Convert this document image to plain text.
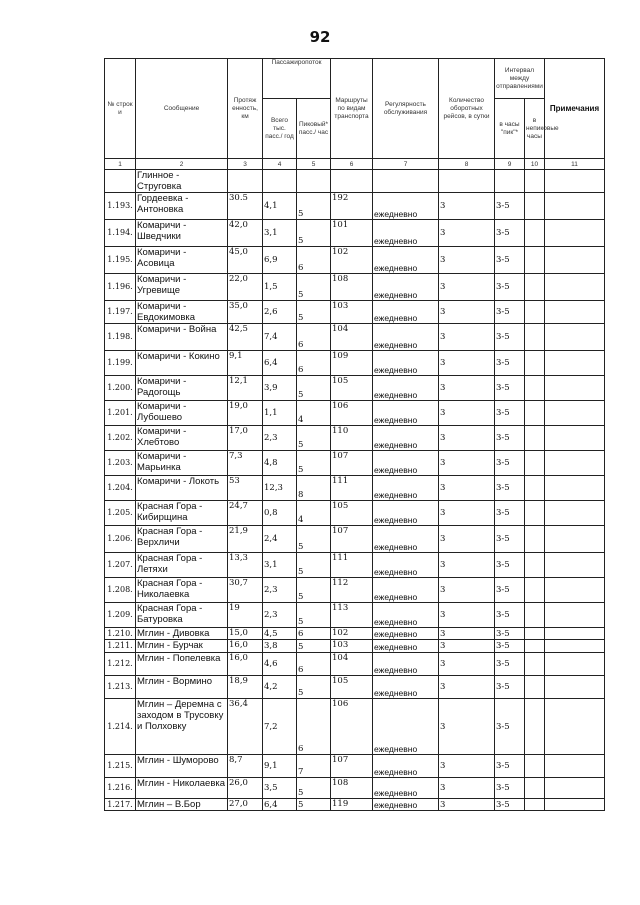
92
№ строк и	Сообщение	Протяж енность, км	Пассажиропоток		Маршруты по видам транспорта	Регулярность обслуживания	Количество оборотных рейсов, в сутки	Интервал между отправлениями		Примечания
			Всего тыс. пасс./ год	Пиковый* пасс./ час				в часы "пик"*	в непиковые часы	
1	2	3	4	5	6	7	8	9	10	11
	Глинное - Струговка									
1.193.	Гордеевка - Антоновка	30.5	4,1	5	192	ежедневно	3	3-5		
1.194.	Комаричи - Шведчики	42,0	3,1	5	101	ежедневно	3	3-5		
1.195.	Комаричи - Асовица	45,0	6,9	6	102	ежедневно	3	3-5		
1.196.	Комаричи - Угревище	22,0	1,5	5	108	ежедневно	3	3-5		
1.197.	Комаричи - Евдокимовка	35,0	2,6	5	103	ежедневно	3	3-5		
1.198.	Комаричи - Война	42,5	7,4	6	104	ежедневно	3	3-5		
1.199.	Комаричи - Кокино	9,1	6,4	6	109	ежедневно	3	3-5		
1.200.	Комаричи - Радогощь	12,1	3,9	5	105	ежедневно	3	3-5		
1.201.	Комаричи - Лубошево	19,0	1,1	4	106	ежедневно	3	3-5		
1.202.	Комаричи - Хлебтово	17,0	2,3	5	110	ежедневно	3	3-5		
1.203.	Комаричи - Марьинка	7,3	4,8	5	107	ежедневно	3	3-5		
1.204.	Комаричи - Локоть	53	12,3	8	111	ежедневно	3	3-5		
1.205.	Красная Гора - Кибирщина	24,7	0,8	4	105	ежедневно	3	3-5		
1.206.	Красная Гора - Верхличи	21,9	2,4	5	107	ежедневно	3	3-5		
1.207.	Красная Гора - Летяхи	13,3	3,1	5	111	ежедневно	3	3-5		
1.208.	Красная Гора - Николаевка	30,7	2,3	5	112	ежедневно	3	3-5		
1.209.	Красная Гора - Батуровка	19	2,3	5	113	ежедневно	3	3-5		
1.210.	Мглин - Дивовка	15,0	4,5	6	102	ежедневно	3	3-5		
1.211.	Мглин - Бурчак	16,0	3,8	5	103	ежедневно	3	3-5		
1.212.	Мглин - Попелевка	16,0	4,6	6	104	ежедневно	3	3-5		
1.213.	Мглин - Вормино	18,9	4,2	5	105	ежедневно	3	3-5		
1.214.	Мглин – Деремна с заходом в Трусовку и Полховку	36,4	7,2	6	106	ежедневно	3	3-5		
1.215.	Мглин - Шуморово	8,7	9,1	7	107	ежедневно	3	3-5		
1.216.	Мглин - Николаевка	26,0	3,5	5	108	ежедневно	3	3-5		
1.217.	Мглин – В.Бор	27,0	6,4	5	119	ежедневно	3	3-5		
